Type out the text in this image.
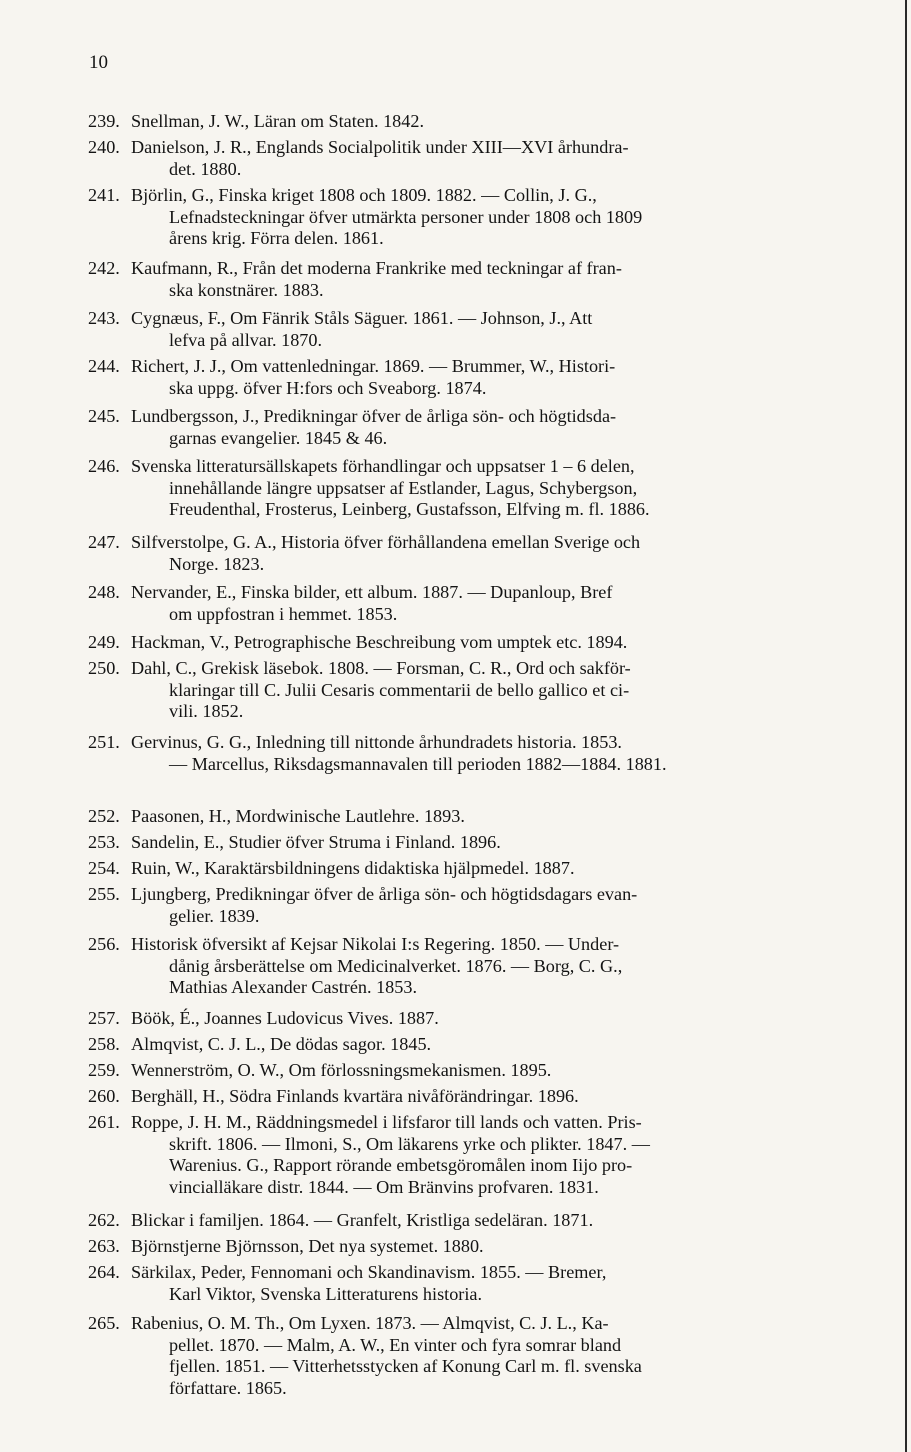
10
239. Snellman, J. W., Läran om Staten. 1842.
240. Danielson, J. R., Englands Socialpolitik under XIII—XVI århundra-
det. 1880.
241. Björlin, G., Finska kriget 1808 och 1809. 1882. — Collin, J. G.,
Lefnadsteckningar öfver utmärkta personer under 1808 och 1809
årens krig. Förra delen. 1861.
242. Kaufmann, R., Från det moderna Frankrike med teckningar af fran-
ska konstnärer. 1883.
243. Cygnæus, F., Om Fänrik Ståls Säguer. 1861. — Johnson, J., Att
lefva på allvar. 1870.
244. Richert, J. J., Om vattenledningar. 1869. — Brummer, W., Histori-
ska uppg. öfver H:fors och Sveaborg. 1874.
245. Lundbergsson, J., Predikningar öfver de årliga sön- och högtidsda-
garnas evangelier. 1845 & 46.
246. Svenska litteratursällskapets förhandlingar och uppsatser 1 – 6 delen,
innehållande längre uppsatser af Estlander, Lagus, Schybergson,
Freudenthal, Frosterus, Leinberg, Gustafsson, Elfving m. fl. 1886.
247. Silfverstolpe, G. A., Historia öfver förhållandena emellan Sverige och
Norge. 1823.
248. Nervander, E., Finska bilder, ett album. 1887. — Dupanloup, Bref
om uppfostran i hemmet. 1853.
249. Hackman, V., Petrographische Beschreibung vom umptek etc. 1894.
250. Dahl, C., Grekisk läsebok. 1808. — Forsman, C. R., Ord och sakför-
klaringar till C. Julii Cesaris commentarii de bello gallico et ci-
vili. 1852.
251. Gervinus, G. G., Inledning till nittonde århundradets historia. 1853.
— Marcellus, Riksdagsmannavalen till perioden 1882—1884. 1881.
252. Paasonen, H., Mordwinische Lautlehre. 1893.
253. Sandelin, E., Studier öfver Struma i Finland. 1896.
254. Ruin, W., Karaktärsbildningens didaktiska hjälpmedel. 1887.
255. Ljungberg, Predikningar öfver de årliga sön- och högtidsdagars evan-
gelier. 1839.
256. Historisk öfversikt af Kejsar Nikolai I:s Regering. 1850. — Under-
dånig årsberättelse om Medicinalverket. 1876. — Borg, C. G.,
Mathias Alexander Castrén. 1853.
257. Böök, É., Joannes Ludovicus Vives. 1887.
258. Almqvist, C. J. L., De dödas sagor. 1845.
259. Wennerström, O. W., Om förlossningsmekanismen. 1895.
260. Berghäll, H., Södra Finlands kvartära nivåförändringar. 1896.
261. Roppe, J. H. M., Räddningsmedel i lifsfaror till lands och vatten. Pris-
skrift. 1806. — Ilmoni, S., Om läkarens yrke och plikter. 1847. —
Warenius. G., Rapport rörande embetsgöromålen inom Iijo pro-
vincialläkare distr. 1844. — Om Bränvins profvaren. 1831.
262. Blickar i familjen. 1864. — Granfelt, Kristliga sedeläran. 1871.
263. Björnstjerne Björnsson, Det nya systemet. 1880.
264. Särkilax, Peder, Fennomani och Skandinavism. 1855. — Bremer,
Karl Viktor, Svenska Litteraturens historia.
265. Rabenius, O. M. Th., Om Lyxen. 1873. — Almqvist, C. J. L., Ka-
pellet. 1870. — Malm, A. W., En vinter och fyra somrar bland
fjellen. 1851. — Vitterhetsstycken af Konung Carl m. fl. svenska
författare. 1865.
